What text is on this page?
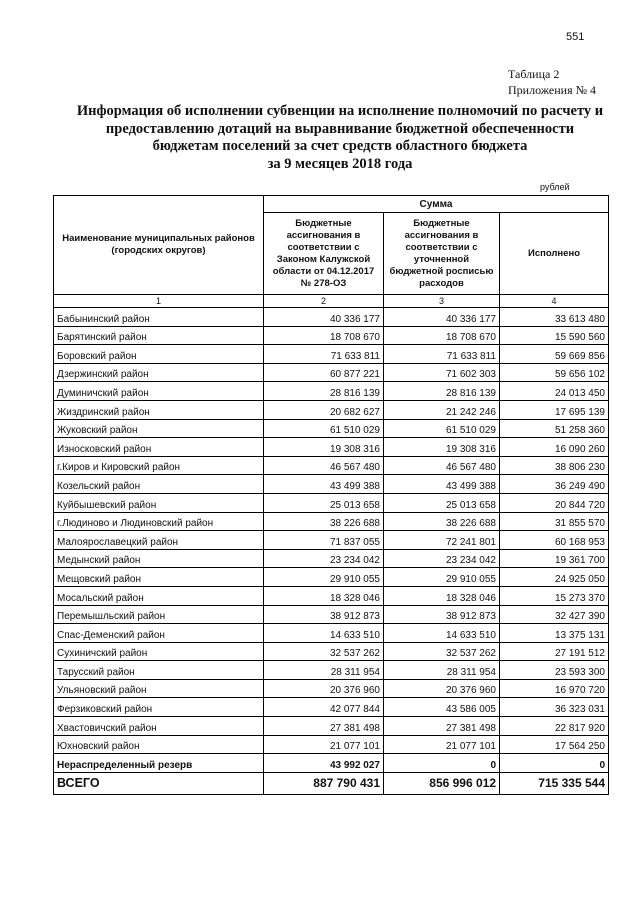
551
Таблица 2
Приложения № 4
Информация об исполнении субвенции на исполнение полномочий по расчету и
предоставлению дотаций на выравнивание бюджетной обеспеченности
бюджетам поселений за счет средств областного бюджета
за 9 месяцев 2018 года
рублей
Наименование муниципальных районов (городских округов)	Сумма		
	Бюджетные ассигнования в соответствии с Законом Калужской области от 04.12.2017 № 278-ОЗ	Бюджетные ассигнования в соответствии с уточненной бюджетной росписью расходов	Исполнено
1	2	3	4
Бабынинский район	40 336 177	40 336 177	33 613 480
Барятинский район	18 708 670	18 708 670	15 590 560
Боровский район	71 633 811	71 633 811	59 669 856
Дзержинский район	60 877 221	71 602 303	59 656 102
Думиничский район	28 816 139	28 816 139	24 013 450
Жиздринский район	20 682 627	21 242 246	17 695 139
Жуковский район	61 510 029	61 510 029	51 258 360
Износковский район	19 308 316	19 308 316	16 090 260
г.Киров и Кировский район	46 567 480	46 567 480	38 806 230
Козельский район	43 499 388	43 499 388	36 249 490
Куйбышевский район	25 013 658	25 013 658	20 844 720
г.Людиново и Людиновский район	38 226 688	38 226 688	31 855 570
Малоярославецкий район	71 837 055	72 241 801	60 168 953
Медынский район	23 234 042	23 234 042	19 361 700
Мещовский район	29 910 055	29 910 055	24 925 050
Мосальский район	18 328 046	18 328 046	15 273 370
Перемышльский район	38 912 873	38 912 873	32 427 390
Спас-Деменский район	14 633 510	14 633 510	13 375 131
Сухиничский район	32 537 262	32 537 262	27 191 512
Тарусский район	28 311 954	28 311 954	23 593 300
Ульяновский район	20 376 960	20 376 960	16 970 720
Ферзиковский район	42 077 844	43 586 005	36 323 031
Хвастовичский район	27 381 498	27 381 498	22 817 920
Юхновский район	21 077 101	21 077 101	17 564 250
Нераспределенный резерв	43 992 027	0	0
ВСЕГО	887 790 431	856 996 012	715 335 544
